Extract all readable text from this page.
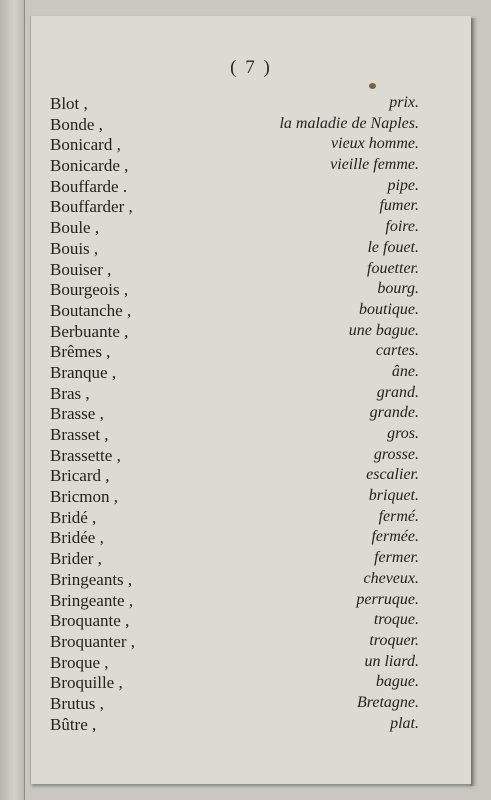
( 7 )
Blot ,	prix.
Bonde ,	la maladie de Naples.
Bonicard ,	vieux homme.
Bonicarde ,	vieille femme.
Bouffarde .	pipe.
Bouffarder ,	fumer.
Boule ,	foire.
Bouis ,	le fouet.
Bouiser ,	fouetter.
Bourgeois ,	bourg.
Boutanche ,	boutique.
Berbuante ,	une bague.
Brêmes ,	cartes.
Branque ,	âne.
Bras ,	grand.
Brasse ,	grande.
Brasset ,	gros.
Brassette ,	grosse.
Bricard ,	escalier.
Bricmon ,	briquet.
Bridé ,	fermé.
Bridée ,	fermée.
Brider ,	fermer.
Bringeants ,	cheveux.
Bringeante ,	perruque.
Broquante ,	troque.
Broquanter ,	troquer.
Broque ,	un liard.
Broquille ,	bague.
Brutus ,	Bretagne.
Bûtre ,	plat.
